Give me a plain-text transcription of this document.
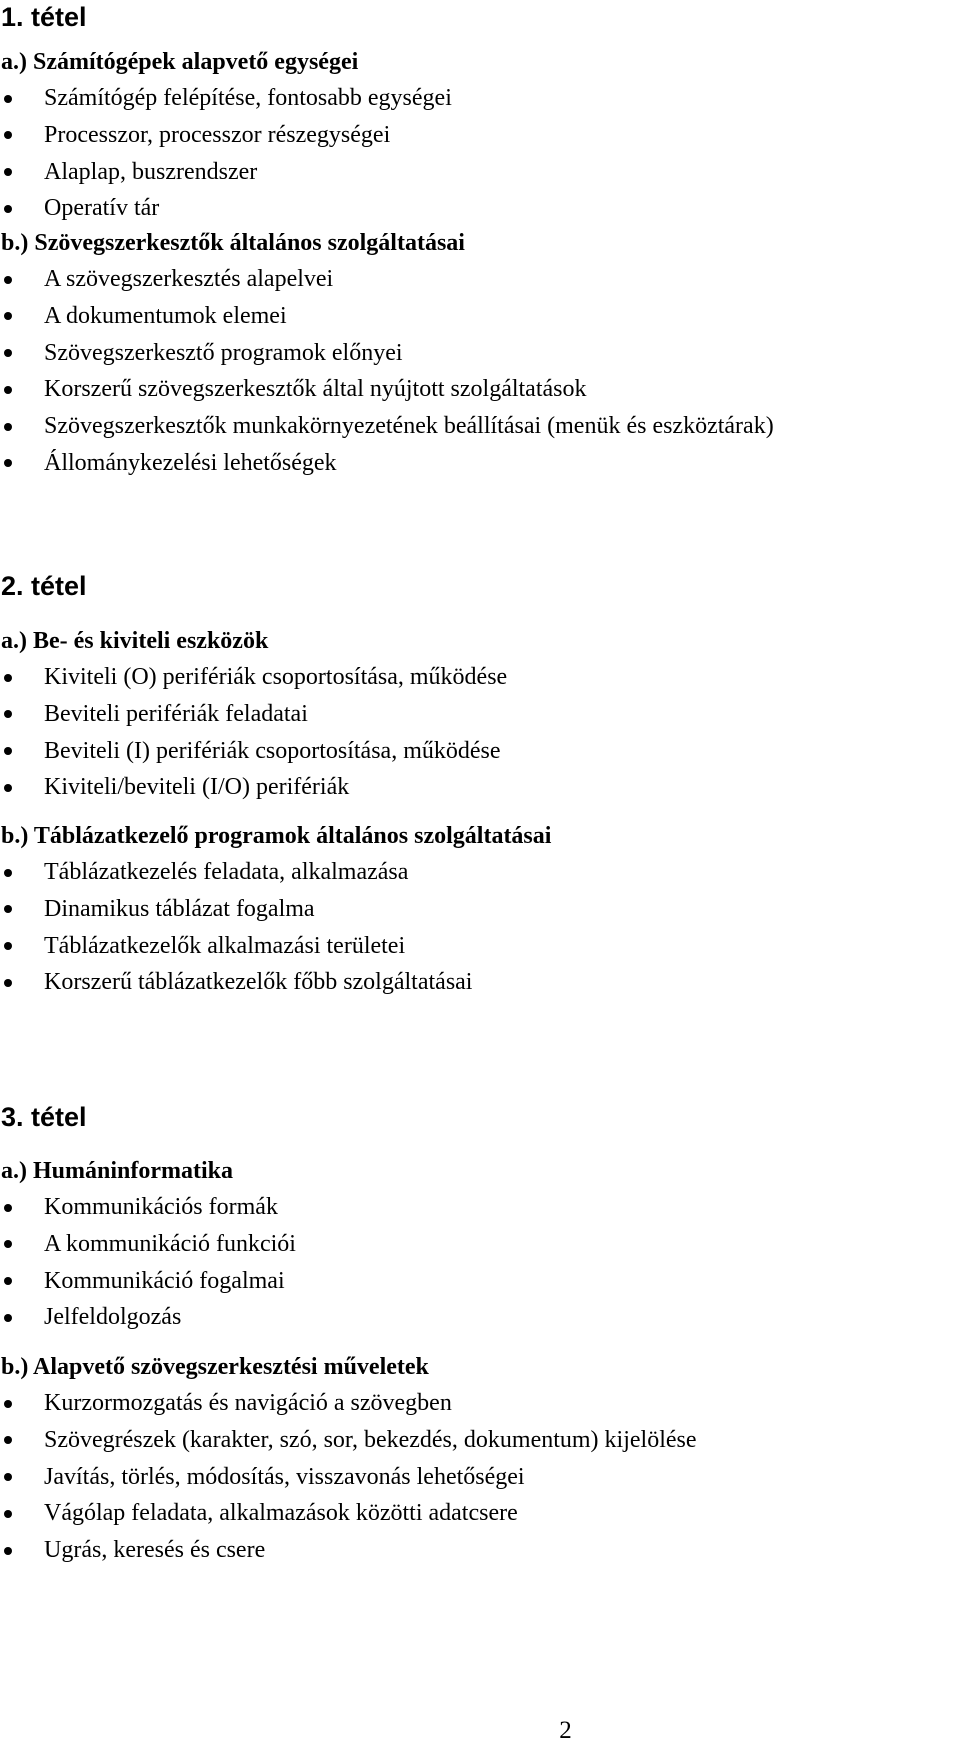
1. tétel
a.) Számítógépek alapvető egységei
Számítógép felépítése, fontosabb egységei
Processzor, processzor részegységei
Alaplap, buszrendszer
Operatív tár
b.) Szövegszerkesztők általános szolgáltatásai
A szövegszerkesztés alapelvei
A dokumentumok elemei
Szövegszerkesztő programok előnyei
Korszerű szövegszerkesztők által nyújtott szolgáltatások
Szövegszerkesztők munkakörnyezetének beállításai (menük és eszköztárak)
Állománykezelési lehetőségek
2. tétel
a.) Be- és kiviteli eszközök
Kiviteli (O) perifériák csoportosítása, működése
Beviteli perifériák feladatai
Beviteli (I) perifériák csoportosítása, működése
Kiviteli/beviteli (I/O) perifériák
b.) Táblázatkezelő programok általános szolgáltatásai
Táblázatkezelés feladata, alkalmazása
Dinamikus táblázat fogalma
Táblázatkezelők alkalmazási területei
Korszerű táblázatkezelők főbb szolgáltatásai
3. tétel
a.) Humáninformatika
Kommunikációs formák
A kommunikáció funkciói
Kommunikáció fogalmai
Jelfeldolgozás
b.) Alapvető szövegszerkesztési műveletek
Kurzormozgatás és navigáció a szövegben
Szövegrészek (karakter, szó, sor, bekezdés, dokumentum) kijelölése
Javítás, törlés, módosítás, visszavonás lehetőségei
Vágólap feladata, alkalmazások közötti adatcsere
Ugrás, keresés és csere
2
